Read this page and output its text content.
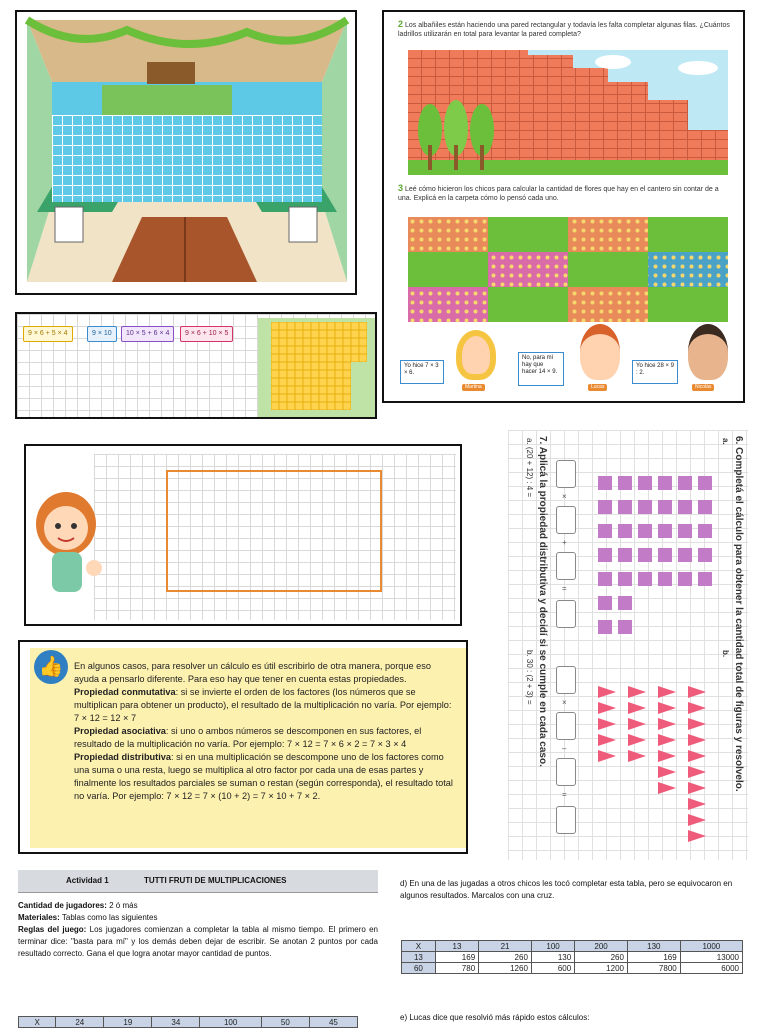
9 × 6 + 5 × 4	9 × 10	10 × 5 + 6 × 4	9 × 6 + 10 × 5
2 Los albañiles están haciendo una pared rectangular y todavía les falta completar algunas filas. ¿Cuántos ladrillos utilizarán en total para levantar la pared completa?
3 Leé cómo hicieron los chicos para calcular la cantidad de flores que hay en el cantero sin contar de a una. Explicá en la carpeta cómo lo pensó cada uno.
Yo hice 7 × 3 × 6.
Martina
No, para mí hay que hacer 14 × 9.
Lucas
Yo hice 28 × 9 : 2.
Nicolás
👍	En algunos casos, para resolver un cálculo es útil escribirlo de otra manera, porque eso ayuda a pensarlo diferente. Para eso hay que tener en cuenta estas propiedades.

Propiedad conmutativa: si se invierte el orden de los factores (los números que se multiplican para obtener un producto), el resultado de la multiplicación no varía. Por ejemplo: 7 × 12 = 12 × 7

Propiedad asociativa: si uno o ambos números se descomponen en sus factores, el resultado de la multiplicación no varía. Por ejemplo: 7 × 12 = 7 × 6 × 2 = 7 × 3 × 4

Propiedad distributiva: si en una multiplicación se descompone uno de los factores como una suma o una resta, luego se multiplica al otro factor por cada una de esas partes y finalmente los resultados parciales se suman o restan (según corresponda), el resultado total no varía. Por ejemplo: 7 × 12 = 7 × (10 + 2) = 7 × 10 + 7 × 2.

6. Completá el cálculo para obtener la cantidad total de figuras y resolvelo.
a.
b.
7. Aplicá la propiedad distributiva y decidí si se cumple en cada caso.
a. (20 + 12) : 4 =
b. 30 : (2 + 3) =
×
+
=
×
–
=
Actividad 1	TUTTI FRUTI DE MULTIPLICACIONES
Cantidad de jugadores: 2 ó más
Materiales: Tablas como las siguientes
Reglas del juego: Los jugadores comienzan a completar la tabla al mismo tiempo. El primero en terminar dice: "basta para mí" y los demás deben dejar de escribir. Se anotan 2 puntos por cada resultado correcto. Gana el que logra anotar mayor cantidad de puntos.
X	24	19	34	100	50	45
d) En una de las jugadas a otros chicos les tocó completar esta tabla, pero se equivocaron en algunos resultados. Marcalos con una cruz.
X	13	21	100	200	130	1000
13	169	260	130	260	169	13000
60	780	1260	600	1200	7800	6000
e) Lucas dice que resolvió más rápido estos cálculos:
